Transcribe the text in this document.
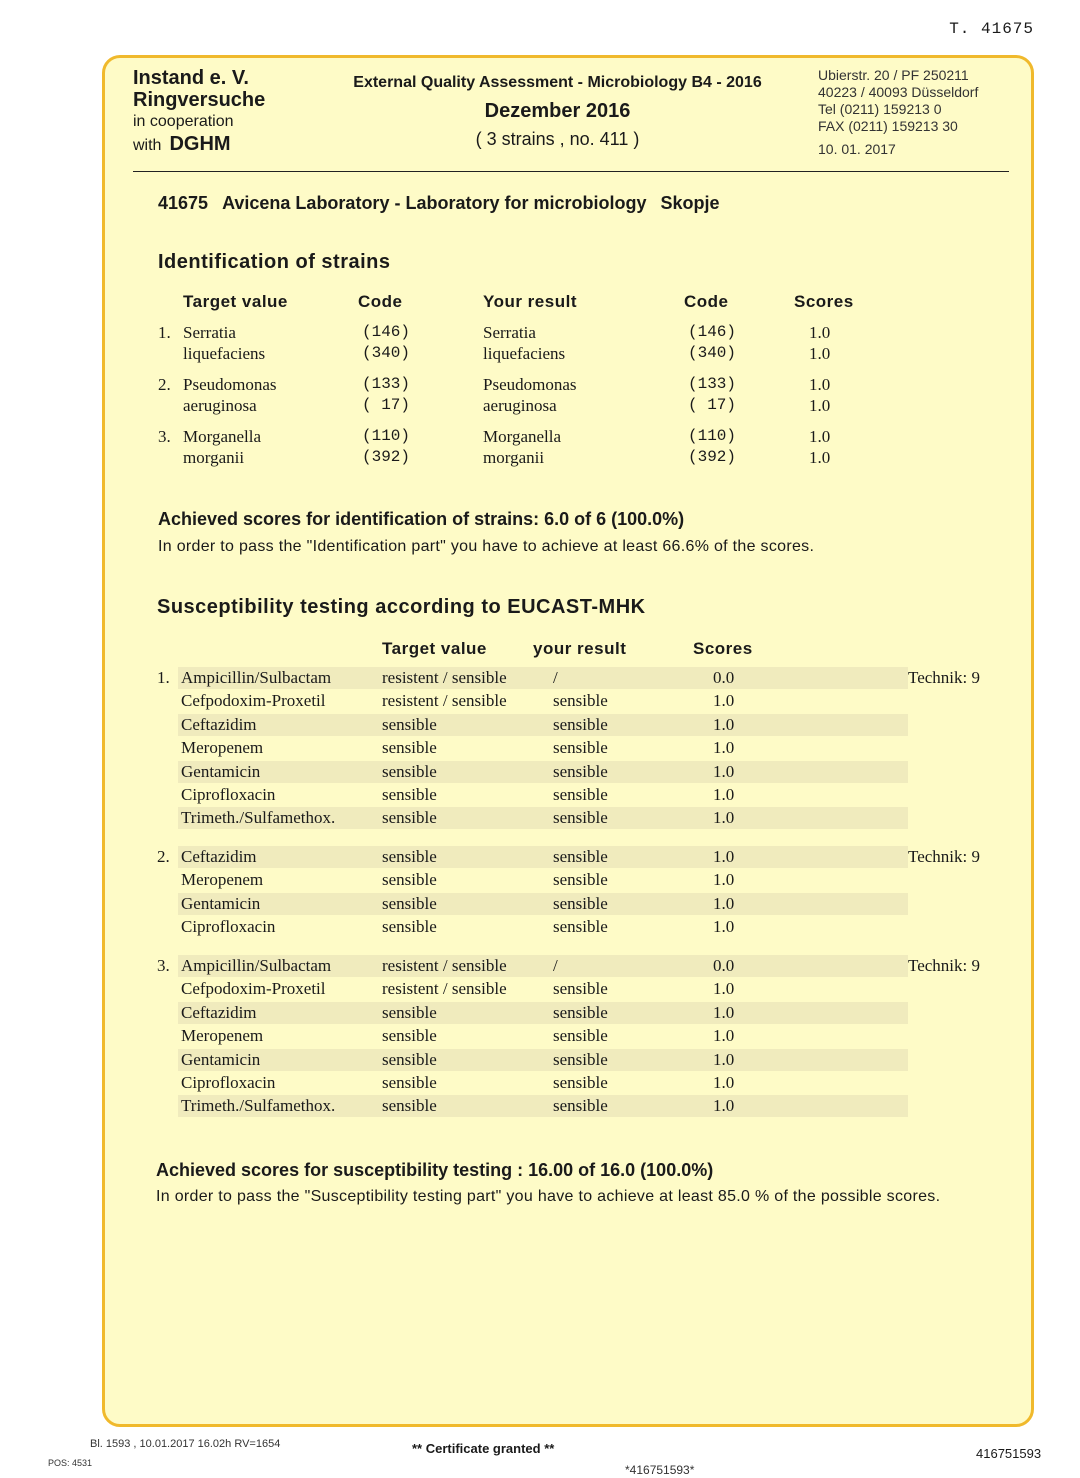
T. 41675
Instand e. V.
Ringversuche
in cooperation
with DGHM
External Quality Assessment - Microbiology B4 - 2016
Dezember 2016
( 3 strains , no. 411 )
Ubierstr. 20 / PF 250211
40223 / 40093 Düsseldorf
Tel (0211) 159213 0
FAX (0211) 159213 30
10. 01. 2017
41675 Avicena Laboratory - Laboratory for microbiology Skopje
Identification of strains
Target value	Code	Your result	Code	Scores
1. Serratia	(146)	Serratia	(146)	1.0
liquefaciens	(340)	liquefaciens	(340)	1.0
2. Pseudomonas	(133)	Pseudomonas	(133)	1.0
aeruginosa	( 17)	aeruginosa	( 17)	1.0
3. Morganella	(110)	Morganella	(110)	1.0
morganii	(392)	morganii	(392)	1.0
Achieved scores for identification of strains: 6.0 of 6 (100.0%)
In order to pass the "Identification part" you have to achieve at least 66.6% of the scores.
Susceptibility testing according to EUCAST-MHK
Target value	your result	Scores
1.	Technik: 9
Ampicillin/Sulbactam	resistent / sensible	/	0.0
Cefpodoxim-Proxetil	resistent / sensible	sensible	1.0
Ceftazidim	sensible	sensible	1.0
Meropenem	sensible	sensible	1.0
Gentamicin	sensible	sensible	1.0
Ciprofloxacin	sensible	sensible	1.0
Trimeth./Sulfamethox.	sensible	sensible	1.0
2.	Technik: 9
Ceftazidim	sensible	sensible	1.0
Meropenem	sensible	sensible	1.0
Gentamicin	sensible	sensible	1.0
Ciprofloxacin	sensible	sensible	1.0
3.	Technik: 9
Ampicillin/Sulbactam	resistent / sensible	/	0.0
Cefpodoxim-Proxetil	resistent / sensible	sensible	1.0
Ceftazidim	sensible	sensible	1.0
Meropenem	sensible	sensible	1.0
Gentamicin	sensible	sensible	1.0
Ciprofloxacin	sensible	sensible	1.0
Trimeth./Sulfamethox.	sensible	sensible	1.0
Achieved scores for susceptibility testing : 16.00 of 16.0 (100.0%)
In order to pass the "Susceptibility testing part" you have to achieve at least 85.0 % of the possible scores.
Bl. 1593 , 10.01.2017 16.02h RV=1654
POS: 4531
** Certificate granted **
*416751593*
416751593
